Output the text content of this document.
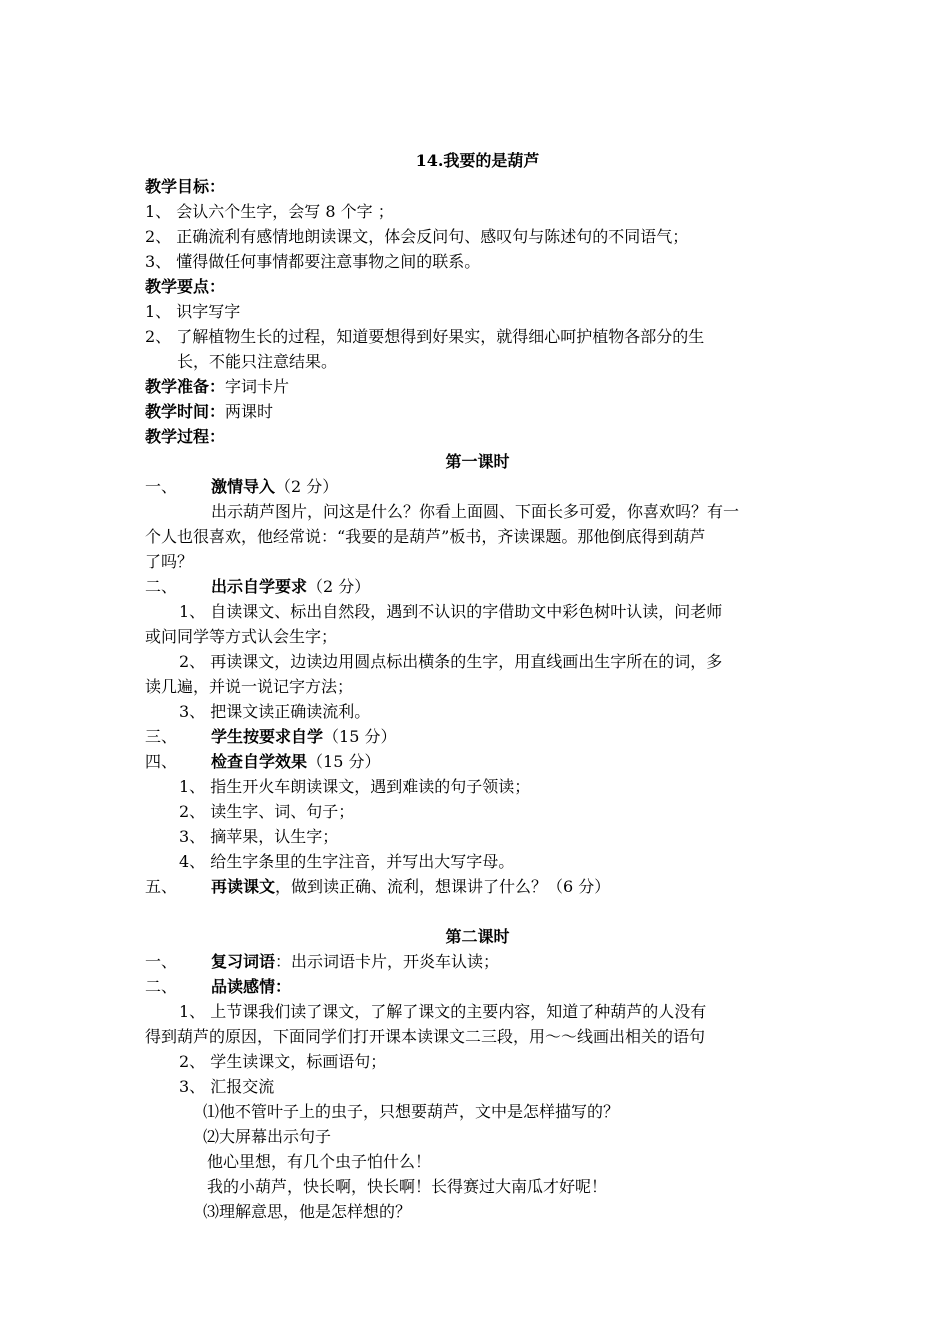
14.我要的是葫芦
教学目标：
1、 会认六个生字，会写 8 个字 ；
2、 正确流利有感情地朗读课文，体会反问句、感叹句与陈述句的不同语气；
3、 懂得做任何事情都要注意事物之间的联系。
教学要点：
1、 识字写字
2、 了解植物生长的过程，知道要想得到好果实，就得细心呵护植物各部分的生
长，不能只注意结果。
教学准备：字词卡片
教学时间：两课时
教学过程：
第一课时
一、 激情导入（2 分）
出示葫芦图片，问这是什么？你看上面圆、下面长多可爱，你喜欢吗？有一
个人也很喜欢，他经常说：“我要的是葫芦”板书，齐读课题。那他倒底得到葫芦
了吗？
二、 出示自学要求（2 分）
1、 自读课文、标出自然段，遇到不认识的字借助文中彩色树叶认读，问老师
或问同学等方式认会生字；
2、 再读课文，边读边用圆点标出横条的生字，用直线画出生字所在的词，多
读几遍，并说一说记字方法；
3、 把课文读正确读流利。
三、 学生按要求自学（15 分）
四、 检查自学效果（15 分）
1、 指生开火车朗读课文，遇到难读的句子领读；
2、 读生字、词、句子；
3、 摘苹果，认生字；
4、 给生字条里的生字注音，并写出大写字母。
五、 再读课文，做到读正确、流利，想课讲了什么？（6 分）
第二课时
一、 复习词语：出示词语卡片，开炎车认读；
二、 品读感情：
1、 上节课我们读了课文，了解了课文的主要内容，知道了种葫芦的人没有
得到葫芦的原因，下面同学们打开课本读课文二三段，用～～线画出相关的语句
2、 学生读课文，标画语句；
3、 汇报交流
⑴他不管叶子上的虫子，只想要葫芦，文中是怎样描写的？
⑵大屏幕出示句子
他心里想，有几个虫子怕什么！
我的小葫芦，快长啊，快长啊！长得赛过大南瓜才好呢！
⑶理解意思，他是怎样想的？
